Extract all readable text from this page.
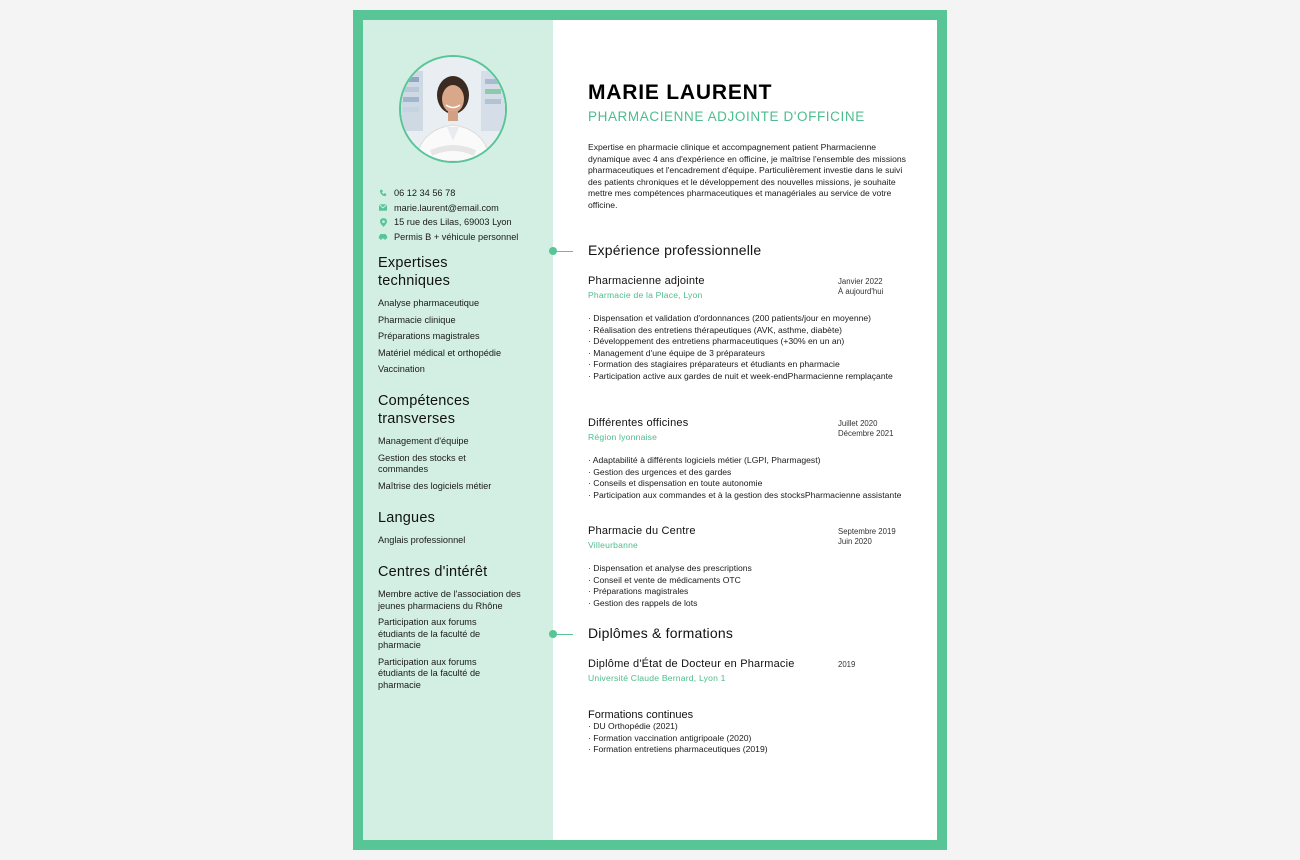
06 12 34 56 78
marie.laurent@email.com
15 rue des Lilas, 69003 Lyon
Permis B + véhicule personnel
Expertises techniques
Analyse pharmaceutique
Pharmacie clinique
Préparations magistrales
Matériel médical et orthopédie
Vaccination
Compétences transverses
Management d'équipe
Gestion des stocks et commandes
Maîtrise des logiciels métier
Langues
Anglais professionnel
Centres d'intérêt
Membre active de l'association des jeunes pharmaciens du Rhône
Participation aux forums étudiants de la faculté de pharmacie
Participation aux forums étudiants de la faculté de pharmacie
MARIE LAURENT
PHARMACIENNE ADJOINTE D'OFFICINE
Expertise en pharmacie clinique et accompagnement patient Pharmacienne dynamique avec 4 ans d'expérience en officine, je maîtrise l'ensemble des missions pharmaceutiques et l'encadrement d'équipe. Particulièrement investie dans le suivi des patients chroniques et le développement des nouvelles missions, je souhaite mettre mes compétences pharmaceutiques et managériales au service de votre officine.
Expérience professionnelle
Pharmacienne adjointe
Pharmacie de la Place, Lyon
Janvier 2022
À aujourd'hui
· Dispensation et validation d'ordonnances (200 patients/jour en moyenne)
· Réalisation des entretiens thérapeutiques (AVK, asthme, diabète)
· Développement des entretiens pharmaceutiques (+30% en un an)
· Management d'une équipe de 3 préparateurs
· Formation des stagiaires préparateurs et étudiants en pharmacie
· Participation active aux gardes de nuit et week-endPharmacienne remplaçante
Différentes officines
Région lyonnaise
Juillet 2020
Décembre 2021
· Adaptabilité à différents logiciels métier (LGPI, Pharmagest)
· Gestion des urgences et des gardes
· Conseils et dispensation en toute autonomie
· Participation aux commandes et à la gestion des stocksPharmacienne assistante
Pharmacie du Centre
Villeurbanne
Septembre 2019
Juin 2020
· Dispensation et analyse des prescriptions
· Conseil et vente de médicaments OTC
· Préparations magistrales
· Gestion des rappels de lots
Diplômes & formations
Diplôme d'État de Docteur en Pharmacie
Université Claude Bernard, Lyon 1
2019
Formations continues
· DU Orthopédie (2021)
· Formation vaccination antigripoale (2020)
· Formation entretiens pharmaceutiques (2019)
